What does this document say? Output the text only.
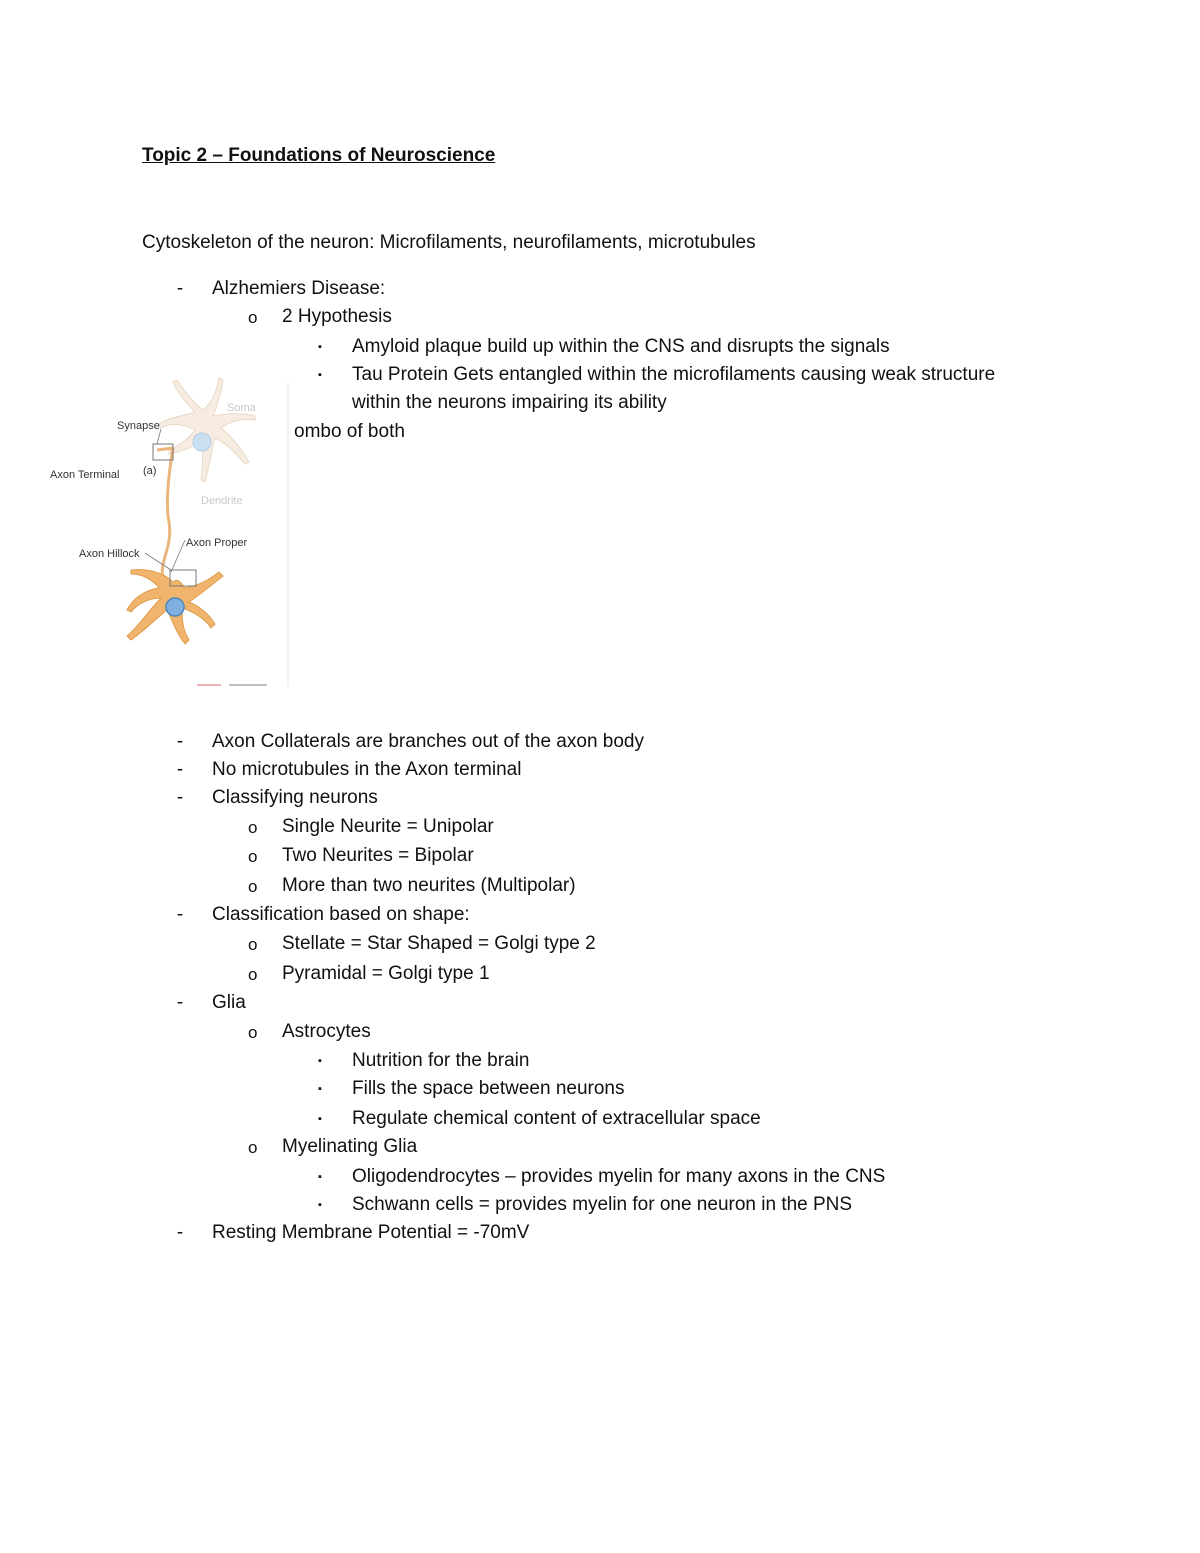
Topic 2 – Foundations of Neuroscience
Cytoskeleton of the neuron: Microfilaments, neurofilaments, microtubules
- Alzhemiers Disease:
o 2 Hypothesis
▪ Amyloid plaque build up within the CNS and disrupts the signals
▪ Tau Protein Gets entangled within the microfilaments causing weak structure
within the neurons impairing its ability
ombo of both
Soma
Synapse
Axon Terminal (a)
Dendrite
Axon Proper
Axon Hillock
- Axon Collaterals are branches out of the axon body
- No microtubules in the Axon terminal
- Classifying neurons
o Single Neurite = Unipolar
o Two Neurites = Bipolar
o More than two neurites (Multipolar)
- Classification based on shape:
o Stellate = Star Shaped = Golgi type 2
o Pyramidal = Golgi type 1
- Glia
o Astrocytes
▪ Nutrition for the brain
▪ Fills the space between neurons
▪ Regulate chemical content of extracellular space
o Myelinating Glia
▪ Oligodendrocytes – provides myelin for many axons in the CNS
▪ Schwann cells = provides myelin for one neuron in the PNS
- Resting Membrane Potential = -70mV
